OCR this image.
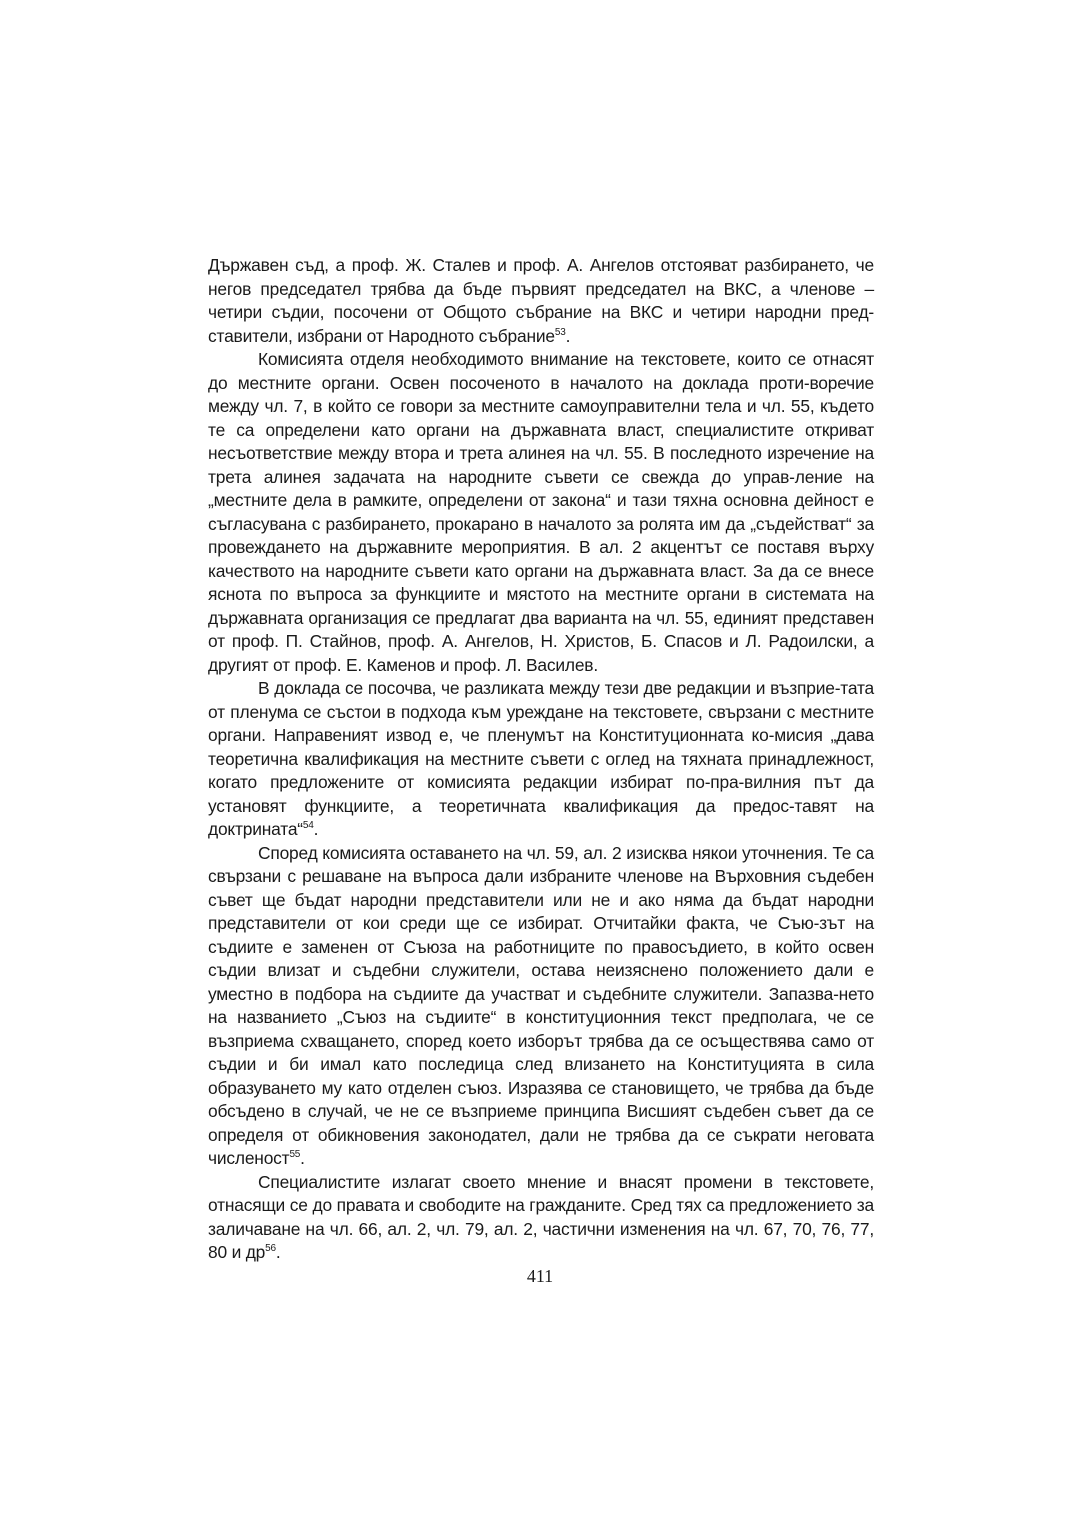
Държавен съд, а проф. Ж. Сталев и проф. А. Ангелов отстояват разбирането, че негов председател трябва да бъде първият председател на ВКС, а членове – четири съдии, посочени от Общото събрание на ВКС и четири народни пред-ставители, избрани от Народното събрание$^{53}$.

Комисията отделя необходимото внимание на текстовете, които се отнасят до местните органи. Освен посоченото в началото на доклада проти-воречие между чл. 7, в който се говори за местните самоуправителни тела и чл. 55, където те са определени като органи на държавната власт, специалистите откриват несъответствие между втора и трета алинея на чл. 55. В последното изречение на трета алинея задачата на народните съвети се свежда до управ-ление на „местните дела в рамките, определени от закона“ и тази тяхна основна дейност е съгласувана с разбирането, прокарано в началото за ролята им да „съдействат“ за провеждането на държавните мероприятия. В ал. 2 акцентът се поставя върху качеството на народните съвети като органи на държавната власт. За да се внесе яснота по въпроса за функциите и мястото на местните органи в системата на държавната организация се предлагат два варианта на чл. 55, единият представен от проф. П. Стайнов, проф. А. Ангелов, Н. Христов, Б. Спасов и Л. Радоилски, а другият от проф. Е. Каменов и проф. Л. Василев.

В доклада се посочва, че разликата между тези две редакции и възприе-тата от пленума се състои в подхода към уреждане на текстовете, свързани с местните органи. Направеният извод е, че пленумът на Конституционната ко-мисия „дава теоретична квалификация на местните съвети с оглед на тяхната принадлежност, когато предложените от комисията редакции избират по-пра-вилния път да установят функциите, а теоретичната квалификация да предос-тавят на доктрината“$^{54}$.

Според комисията оставането на чл. 59, ал. 2 изисква някои уточнения. Те са свързани с решаване на въпроса дали избраните членове на Върховния съдебен съвет ще бъдат народни представители или не и ако няма да бъдат народни представители от кои среди ще се избират. Отчитайки факта, че Съю-зът на съдиите е заменен от Съюза на работниците по правосъдието, в който освен съдии влизат и съдебни служители, остава неизяснено положението дали е уместно в подбора на съдиите да участват и съдебните служители. Запазва-нето на названието „Съюз на съдиите“ в конституционния текст предполага, че се възприема схващането, според което изборът трябва да се осъществява само от съдии и би имал като последица след влизането на Конституцията в сила образуването му като отделен съюз. Изразява се становището, че трябва да бъде обсъдено в случай, че не се възприеме принципа Висшият съдебен съвет да се определя от обикновения законодател, дали не трябва да се съкрати неговата численост$^{55}$.

Специалистите излагат своето мнение и внасят промени в текстовете, отнасящи се до правата и свободите на гражданите. Сред тях са предложението за заличаване на чл. 66, ал. 2, чл. 79, ал. 2, частични изменения на чл. 67, 70, 76, 77, 80 и др$^{56}$.

411
